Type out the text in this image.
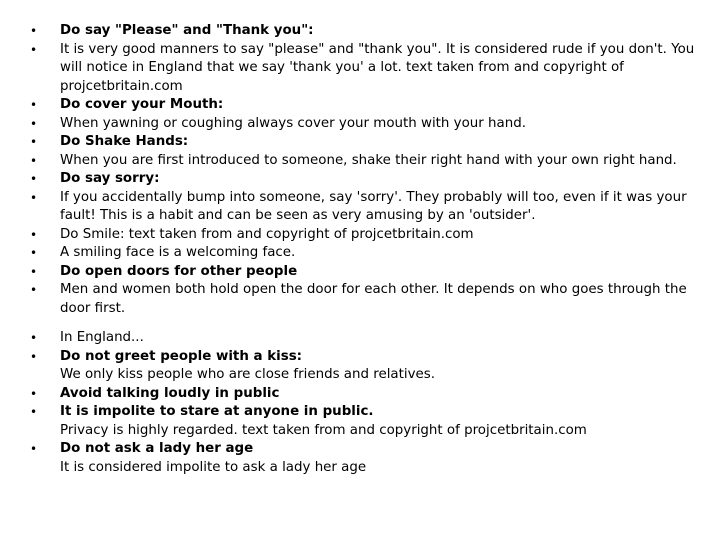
• Do say "Please" and "Thank you":
• It is very good manners to say "please" and "thank you". It is considered rude if you don't. You will notice in England that we say 'thank you' a lot. text taken from and copyright of projcetbritain.com
• Do cover your Mouth:
• When yawning or coughing always cover your mouth with your hand.
• Do Shake Hands:
• When you are first introduced to someone, shake their right hand with your own right hand.
• Do say sorry:
• If you accidentally bump into someone, say 'sorry'. They probably will too, even if it was your fault! This is a habit and can be seen as very amusing by an 'outsider'.
• Do Smile: text taken from and copyright of projcetbritain.com
• A smiling face is a welcoming face.
• Do open doors for other people
• Men and women both hold open the door for each other. It depends on who goes through the door first.
• In England...
• Do not greet people with a kiss:
We only kiss people who are close friends and relatives.
• Avoid talking loudly in public
• It is impolite to stare at anyone in public.
Privacy is highly regarded. text taken from and copyright of projcetbritain.com
• Do not ask a lady her age
It is considered impolite to ask a lady her age
